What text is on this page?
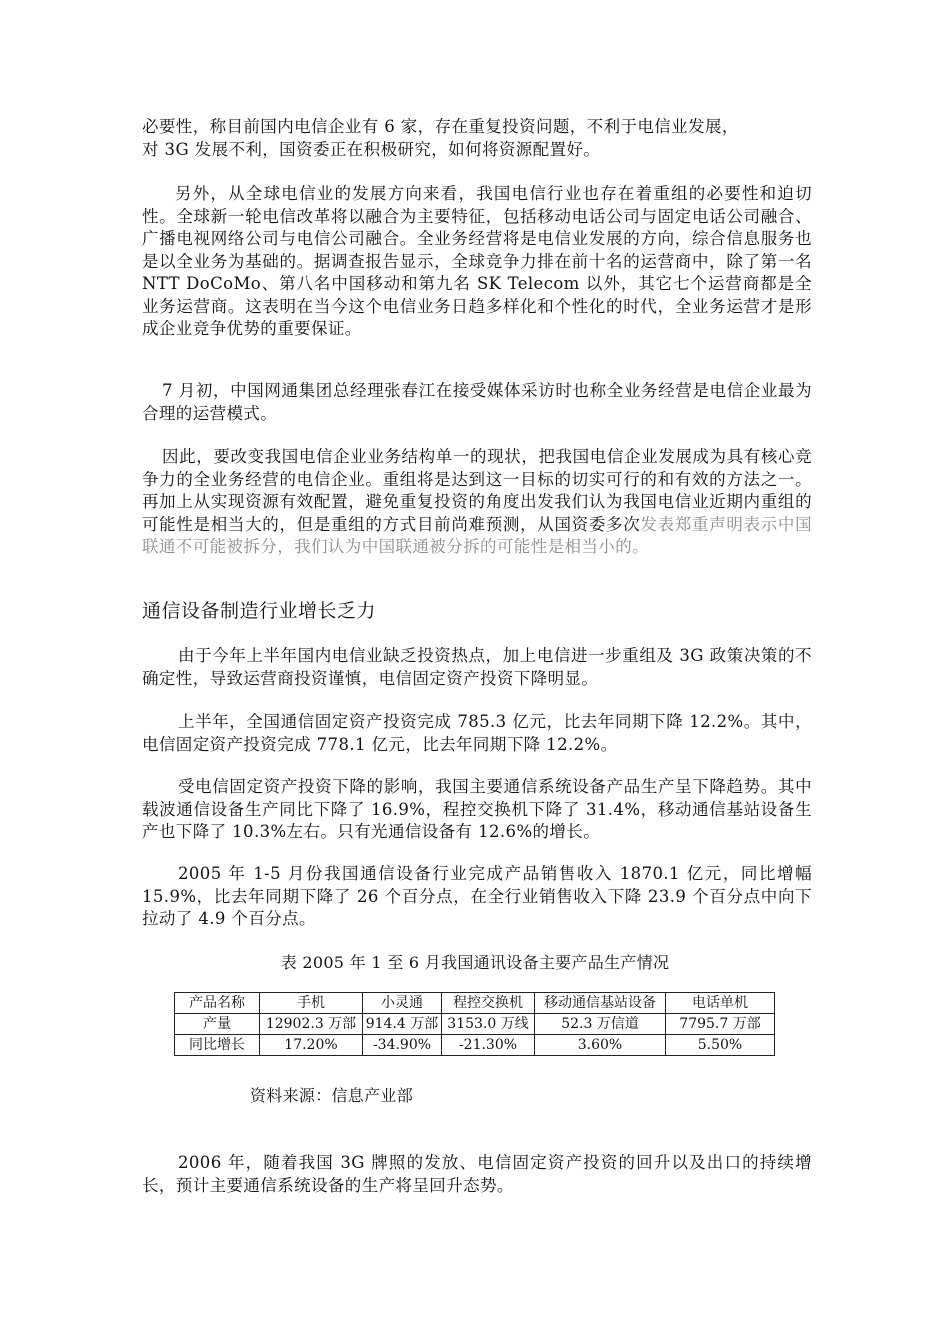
必要性，称目前国内电信企业有 6 家，存在重复投资问题，不利于电信业发展，
对 3G 发展不利，国资委正在积极研究，如何将资源配置好。

另外，从全球电信业的发展方向来看，我国电信行业也存在着重组的必要性和迫切性。全球新一轮电信改革将以融合为主要特征，包括移动电话公司与固定电话公司融合、广播电视网络公司与电信公司融合。全业务经营将是电信业发展的方向，综合信息服务也是以全业务为基础的。据调查报告显示，全球竞争力排在前十名的运营商中，除了第一名 NTT DoCoMo、第八名中国移动和第九名 SK Telecom 以外，其它七个运营商都是全业务运营商。这表明在当今这个电信业务日趋多样化和个性化的时代，全业务运营才是形成企业竞争优势的重要保证。

7 月初，中国网通集团总经理张春江在接受媒体采访时也称全业务经营是电信企业最为合理的运营模式。

因此，要改变我国电信企业业务结构单一的现状，把我国电信企业发展成为具有核心竞争力的全业务经营的电信企业。重组将是达到这一目标的切实可行的和有效的方法之一。再加上从实现资源有效配置，避免重复投资的角度出发我们认为我国电信业近期内重组的可能性是相当大的，但是重组的方式目前尚难预测，从国资委多次发表郑重声明表示中国联通不可能被拆分，我们认为中国联通被分拆的可能性是相当小的。

通信设备制造行业增长乏力

由于今年上半年国内电信业缺乏投资热点，加上电信进一步重组及 3G 政策决策的不确定性，导致运营商投资谨慎，电信固定资产投资下降明显。

上半年，全国通信固定资产投资完成 785.3 亿元，比去年同期下降 12.2%。其中，电信固定资产投资完成 778.1 亿元，比去年同期下降 12.2%。

受电信固定资产投资下降的影响，我国主要通信系统设备产品生产呈下降趋势。其中载波通信设备生产同比下降了 16.9%，程控交换机下降了 31.4%，移动通信基站设备生产也下降了 10.3%左右。只有光通信设备有 12.6%的增长。

2005 年 1-5 月份我国通信设备行业完成产品销售收入 1870.1 亿元，同比增幅 15.9%，比去年同期下降了 26 个百分点，在全行业销售收入下降 23.9 个百分点中向下拉动了 4.9 个百分点。

表 2005 年 1 至 6 月我国通讯设备主要产品生产情况

产品名称	手机	小灵通	程控交换机	移动通信基站设备	电话单机
产量	12902.3 万部	914.4 万部	3153.0 万线	52.3 万信道	7795.7 万部
同比增长	17.20%	-34.90%	-21.30%	3.60%	5.50%

资料来源：信息产业部

2006 年，随着我国 3G 牌照的发放、电信固定资产投资的回升以及出口的持续增长，预计主要通信系统设备的生产将呈回升态势。
